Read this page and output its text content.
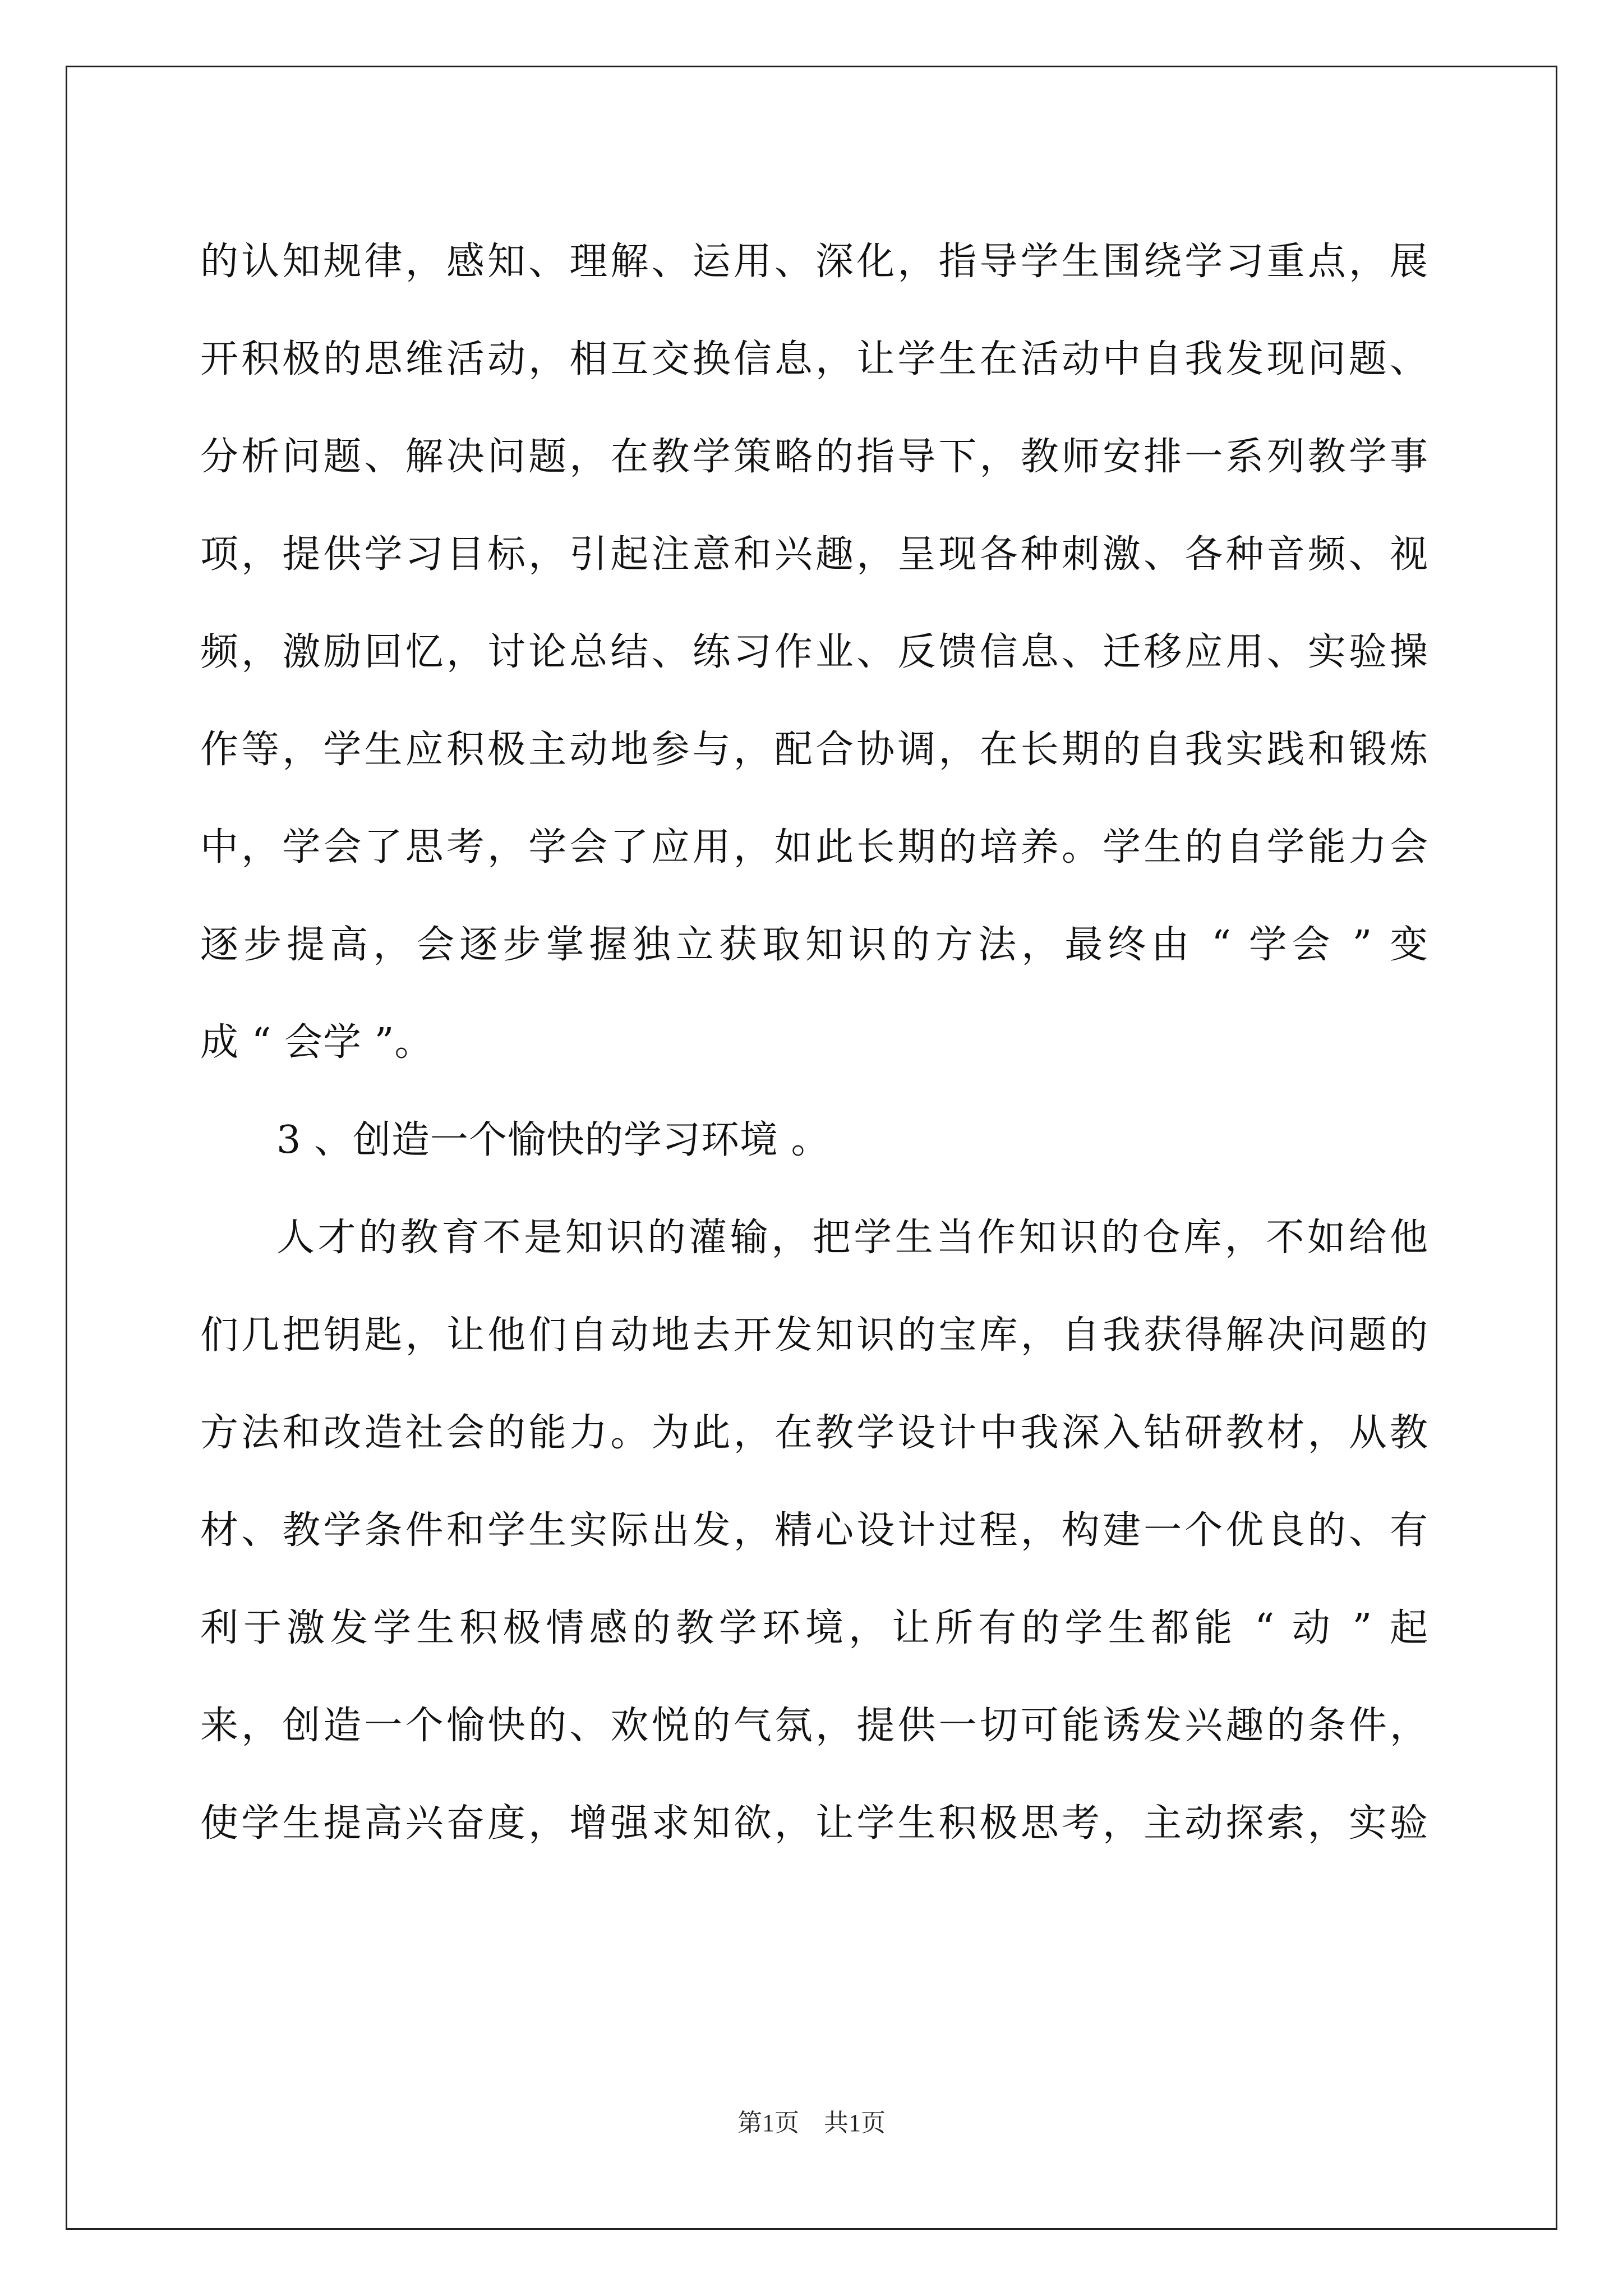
的认知规律，感知、理解、运用、深化，指导学生围绕学习重点，展
开积极的思维活动，相互交换信息，让学生在活动中自我发现问题、
分析问题、解决问题，在教学策略的指导下，教师安排一系列教学事
项，提供学习目标，引起注意和兴趣，呈现各种刺激、各种音频、视
频，激励回忆，讨论总结、练习作业、反馈信息、迁移应用、实验操
作等，学生应积极主动地参与，配合协调，在长期的自我实践和锻炼
中，学会了思考，学会了应用，如此长期的培养。学生的自学能力会
逐步提高，会逐步掌握独立获取知识的方法，最终由 “ 学会 ” 变
成 “ 会学 ”。
3 、创造一个愉快的学习环境 。
人才的教育不是知识的灌输，把学生当作知识的仓库，不如给他
们几把钥匙，让他们自动地去开发知识的宝库，自我获得解决问题的
方法和改造社会的能力。为此，在教学设计中我深入钻研教材，从教
材、教学条件和学生实际出发，精心设计过程，构建一个优良的、有
利于激发学生积极情感的教学环境，让所有的学生都能 “ 动 ” 起
来，创造一个愉快的、欢悦的气氛，提供一切可能诱发兴趣的条件，
使学生提高兴奋度，增强求知欲，让学生积极思考，主动探索，实验
第1页　共1页
